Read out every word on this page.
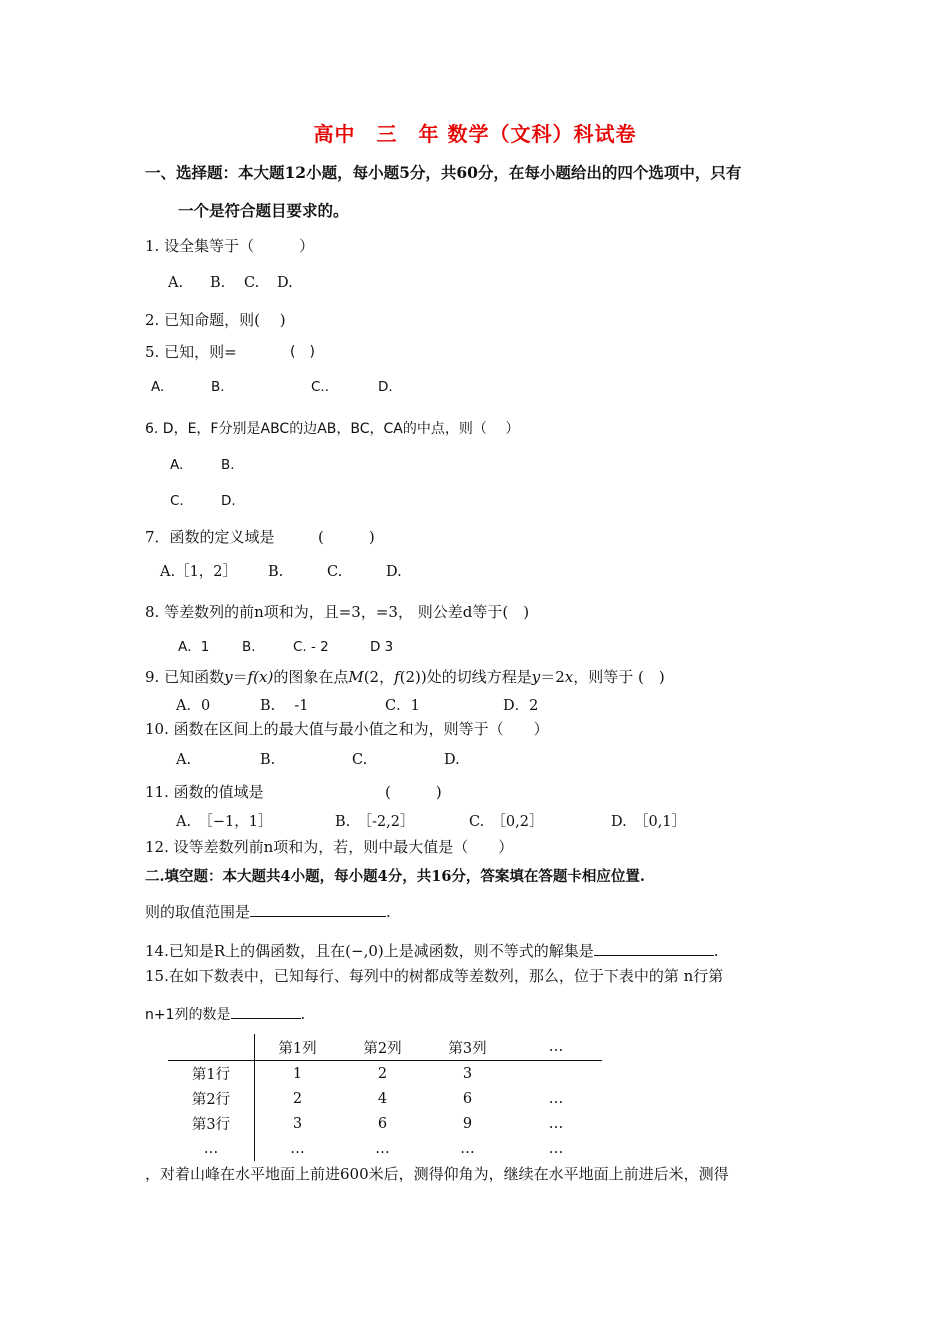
高中　三　年 数学（文科）科试卷
一、选择题：本大题12小题，每小题5分，共60分，在每小题给出的四个选项中，只有
一个是符合题目要求的。
1. 设全集等于（　　　）
A. B. C. D.
2. 已知命题，则(　 )
5. 已知，则=	(　)
A.	B.	C..	D.
6. D，E，F分别是ABC的边AB，BC，CA的中点，则（　 ）
A.	B.
C.	D.
7．函数的定义域是	(　　　)
A.［1，2］ B.	C.	D.
8. 等差数列的前n项和为，且=3，=3， 则公差d等于(　)
A．1 B.	C. - 2	D 3
9. 已知函数y＝f(x)的图象在点M(2，f(2))处的切线方程是y＝2x，则等于 (　)
A．0	B.　 -1	C．1	D．2
10. 函数在区间上的最大值与最小值之和为，则等于（　　）
A.	B.	C.	D.
11. 函数的值域是	(　　　)
A.　［−1，1］	B.　［-2,2］	C.　［0,2］	D.　［0,1］
12. 设等差数列前n项和为，若，则中最大值是（　　）
二.填空题：本大题共4小题，每小题4分，共16分，答案填在答题卡相应位置.
则的取值范围是	.
14.已知是R上的偶函数，且在(−,0)上是减函数，则不等式的解集是	.
15.在如下数表中，已知每行、每列中的树都成等差数列，那么，位于下表中的第 n行第
n+1列的数是	.
	第1列	第2列	第3列	…
第1行	1	2	3	
第2行	2	4	6	…
第3行	3	6	9	…
…	…	…	…	…
，对着山峰在水平地面上前进600米后，测得仰角为，继续在水平地面上前进后米，测得
